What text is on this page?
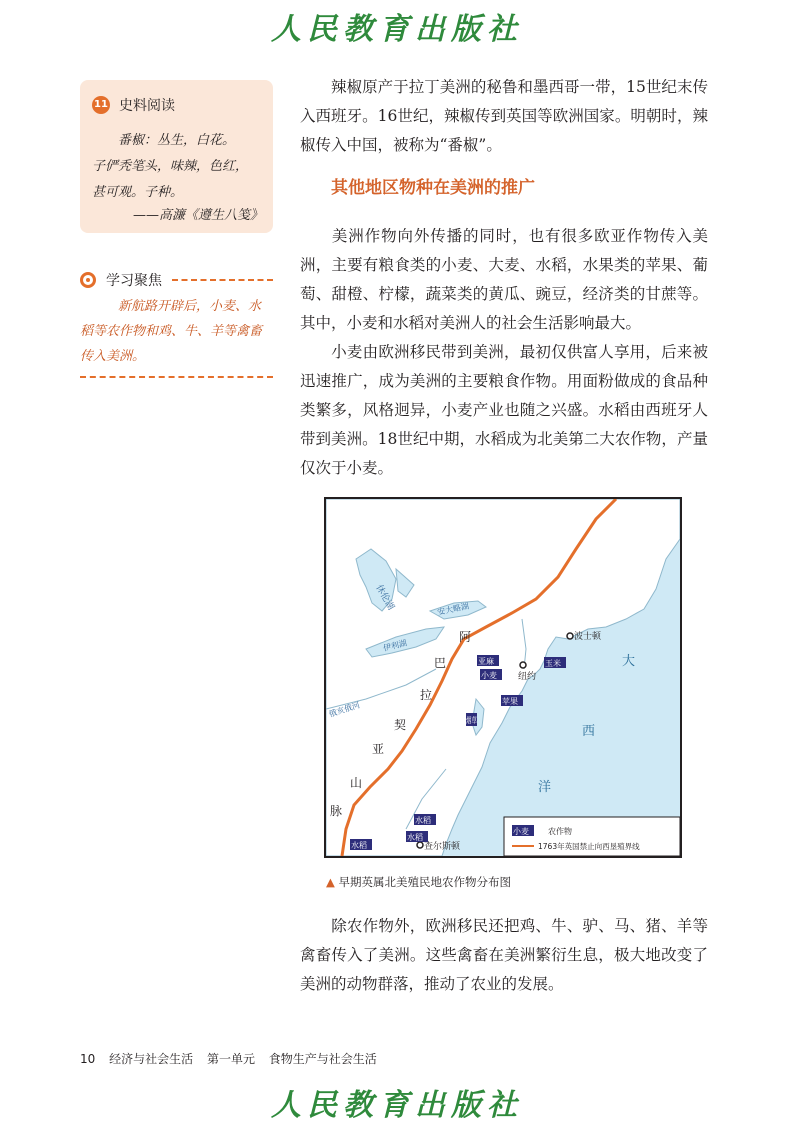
人民教育出版社
11 史料阅读
番椒：丛生，白花。
子俨秃笔头，味辣，色红，
甚可观。子种。
——高濂《遵生八笺》
学习聚焦
新航路开辟后，小麦、水稻等农作物和鸡、牛、羊等禽畜传入美洲。

辣椒原产于拉丁美洲的秘鲁和墨西哥一带，15世纪末传入西班牙。16世纪，辣椒传到英国等欧洲国家。明朝时，辣椒传入中国，被称为“番椒”。

其他地区物种在美洲的推广

美洲作物向外传播的同时，也有很多欧亚作物传入美洲，主要有粮食类的小麦、大麦、水稻，水果类的苹果、葡萄、甜橙、柠檬，蔬菜类的黄瓜、豌豆，经济类的甘蔗等。其中，小麦和水稻对美洲人的社会生活影响最大。

小麦由欧洲移民带到美洲，最初仅供富人享用，后来被迅速推广，成为美洲的主要粮食作物。用面粉做成的食品种类繁多，风格迥异，小麦产业也随之兴盛。水稻由西班牙人带到美洲。18世纪中期，水稻成为北美第二大农作物，产量仅次于小麦。

休伦湖	安大略湖
伊利湖
俄亥俄河
阿
巴
拉
契
亚
山
脉
大
西
洋
波士顿
纽约
查尔斯顿
亚麻
小麦
玉米
苹果
烟草
水稻
水稻
水稻
小麦 农作物
1763年英国禁止向西垦殖界线
▲ 早期英属北美殖民地农作物分布图

除农作物外，欧洲移民还把鸡、牛、驴、马、猪、羊等禽畜传入了美洲。这些禽畜在美洲繁衍生息，极大地改变了美洲的动物群落，推动了农业的发展。

10 经济与社会生活 第一单元 食物生产与社会生活
人民教育出版社
